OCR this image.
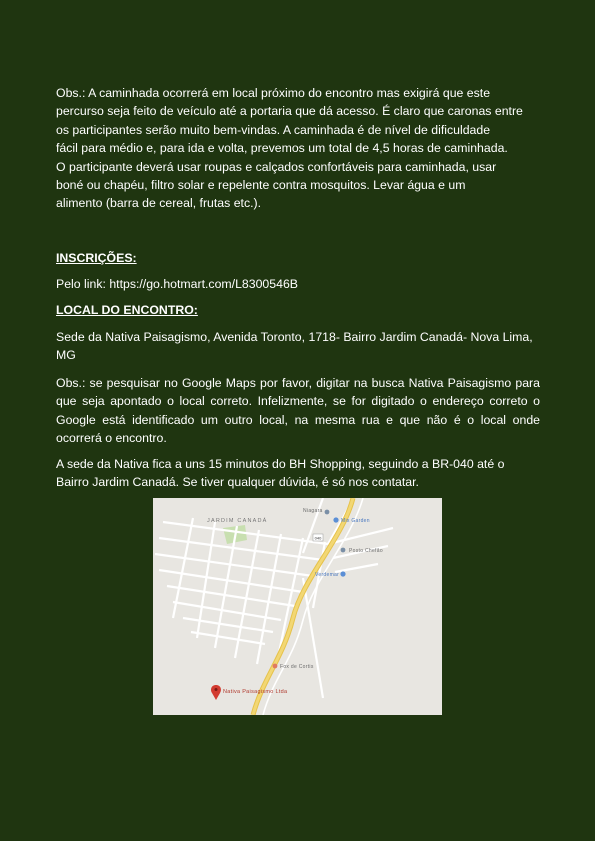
Obs.: A caminhada ocorrerá em local próximo do encontro mas exigirá que este
percurso seja feito de veículo até a portaria que dá acesso. É claro que caronas entre
os participantes serão muito bem-vindas. A caminhada é de nível de dificuldade
fácil para médio e, para ida e volta, prevemos um total de 4,5 horas de caminhada.
O participante deverá usar roupas e calçados confortáveis para caminhada, usar
boné ou chapéu, filtro solar e repelente contra mosquitos. Levar água e um
alimento (barra de cereal, frutas etc.).

INSCRIÇÕES:

Pelo link: https://go.hotmart.com/L8300546B

LOCAL DO ENCONTRO:

Sede da Nativa Paisagismo, Avenida Toronto, 1718- Bairro Jardim Canadá- Nova Lima, MG

Obs.: se pesquisar no Google Maps por favor, digitar na busca Nativa Paisagismo para que seja apontado o local correto. Infelizmente, se for digitado o endereço correto o Google está identificado um outro local, na mesma rua e que não é o local onde ocorrerá o encontro.

A sede da Nativa fica a uns 15 minutos do BH Shopping, seguindo a BR-040 até o Bairro Jardim Canadá. Se tiver qualquer dúvida, é só nos contatar.

040
JARDIM CANADÁ
Niagara
Mix Garden
Posto Chefão
Verdemar
Fox de Cortis
Nativa Paisagismo Ltda
